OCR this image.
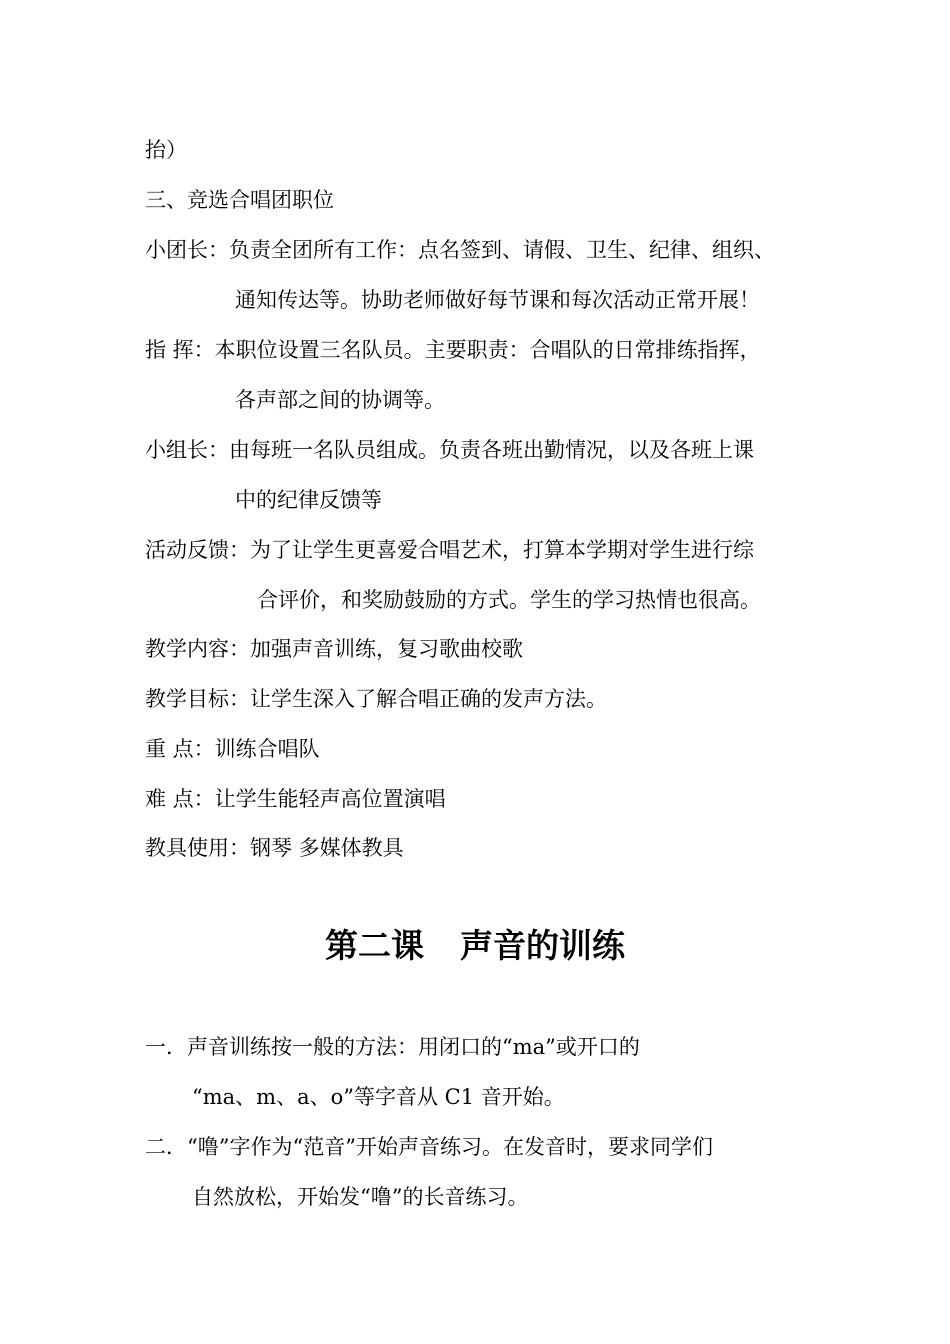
抬）
三、竞选合唱团职位
小团长：负责全团所有工作：点名签到、请假、卫生、纪律、组织、
通知传达等。协助老师做好每节课和每次活动正常开展！
指 挥：本职位设置三名队员。主要职责：合唱队的日常排练指挥，
各声部之间的协调等。
小组长：由每班一名队员组成。负责各班出勤情况，以及各班上课
中的纪律反馈等
活动反馈：为了让学生更喜爱合唱艺术，打算本学期对学生进行综
合评价，和奖励鼓励的方式。学生的学习热情也很高。
教学内容：加强声音训练，复习歌曲校歌
教学目标：让学生深入了解合唱正确的发声方法。
重 点：训练合唱队
难 点：让学生能轻声高位置演唱
教具使用：钢琴 多媒体教具
第二课 声音的训练
一．声音训练按一般的方法：用闭口的“ma”或开口的
“ma、m、a、o”等字音从 C1 音开始。
二．“噜”字作为“范音”开始声音练习。在发音时，要求同学们
自然放松，开始发“噜”的长音练习。
